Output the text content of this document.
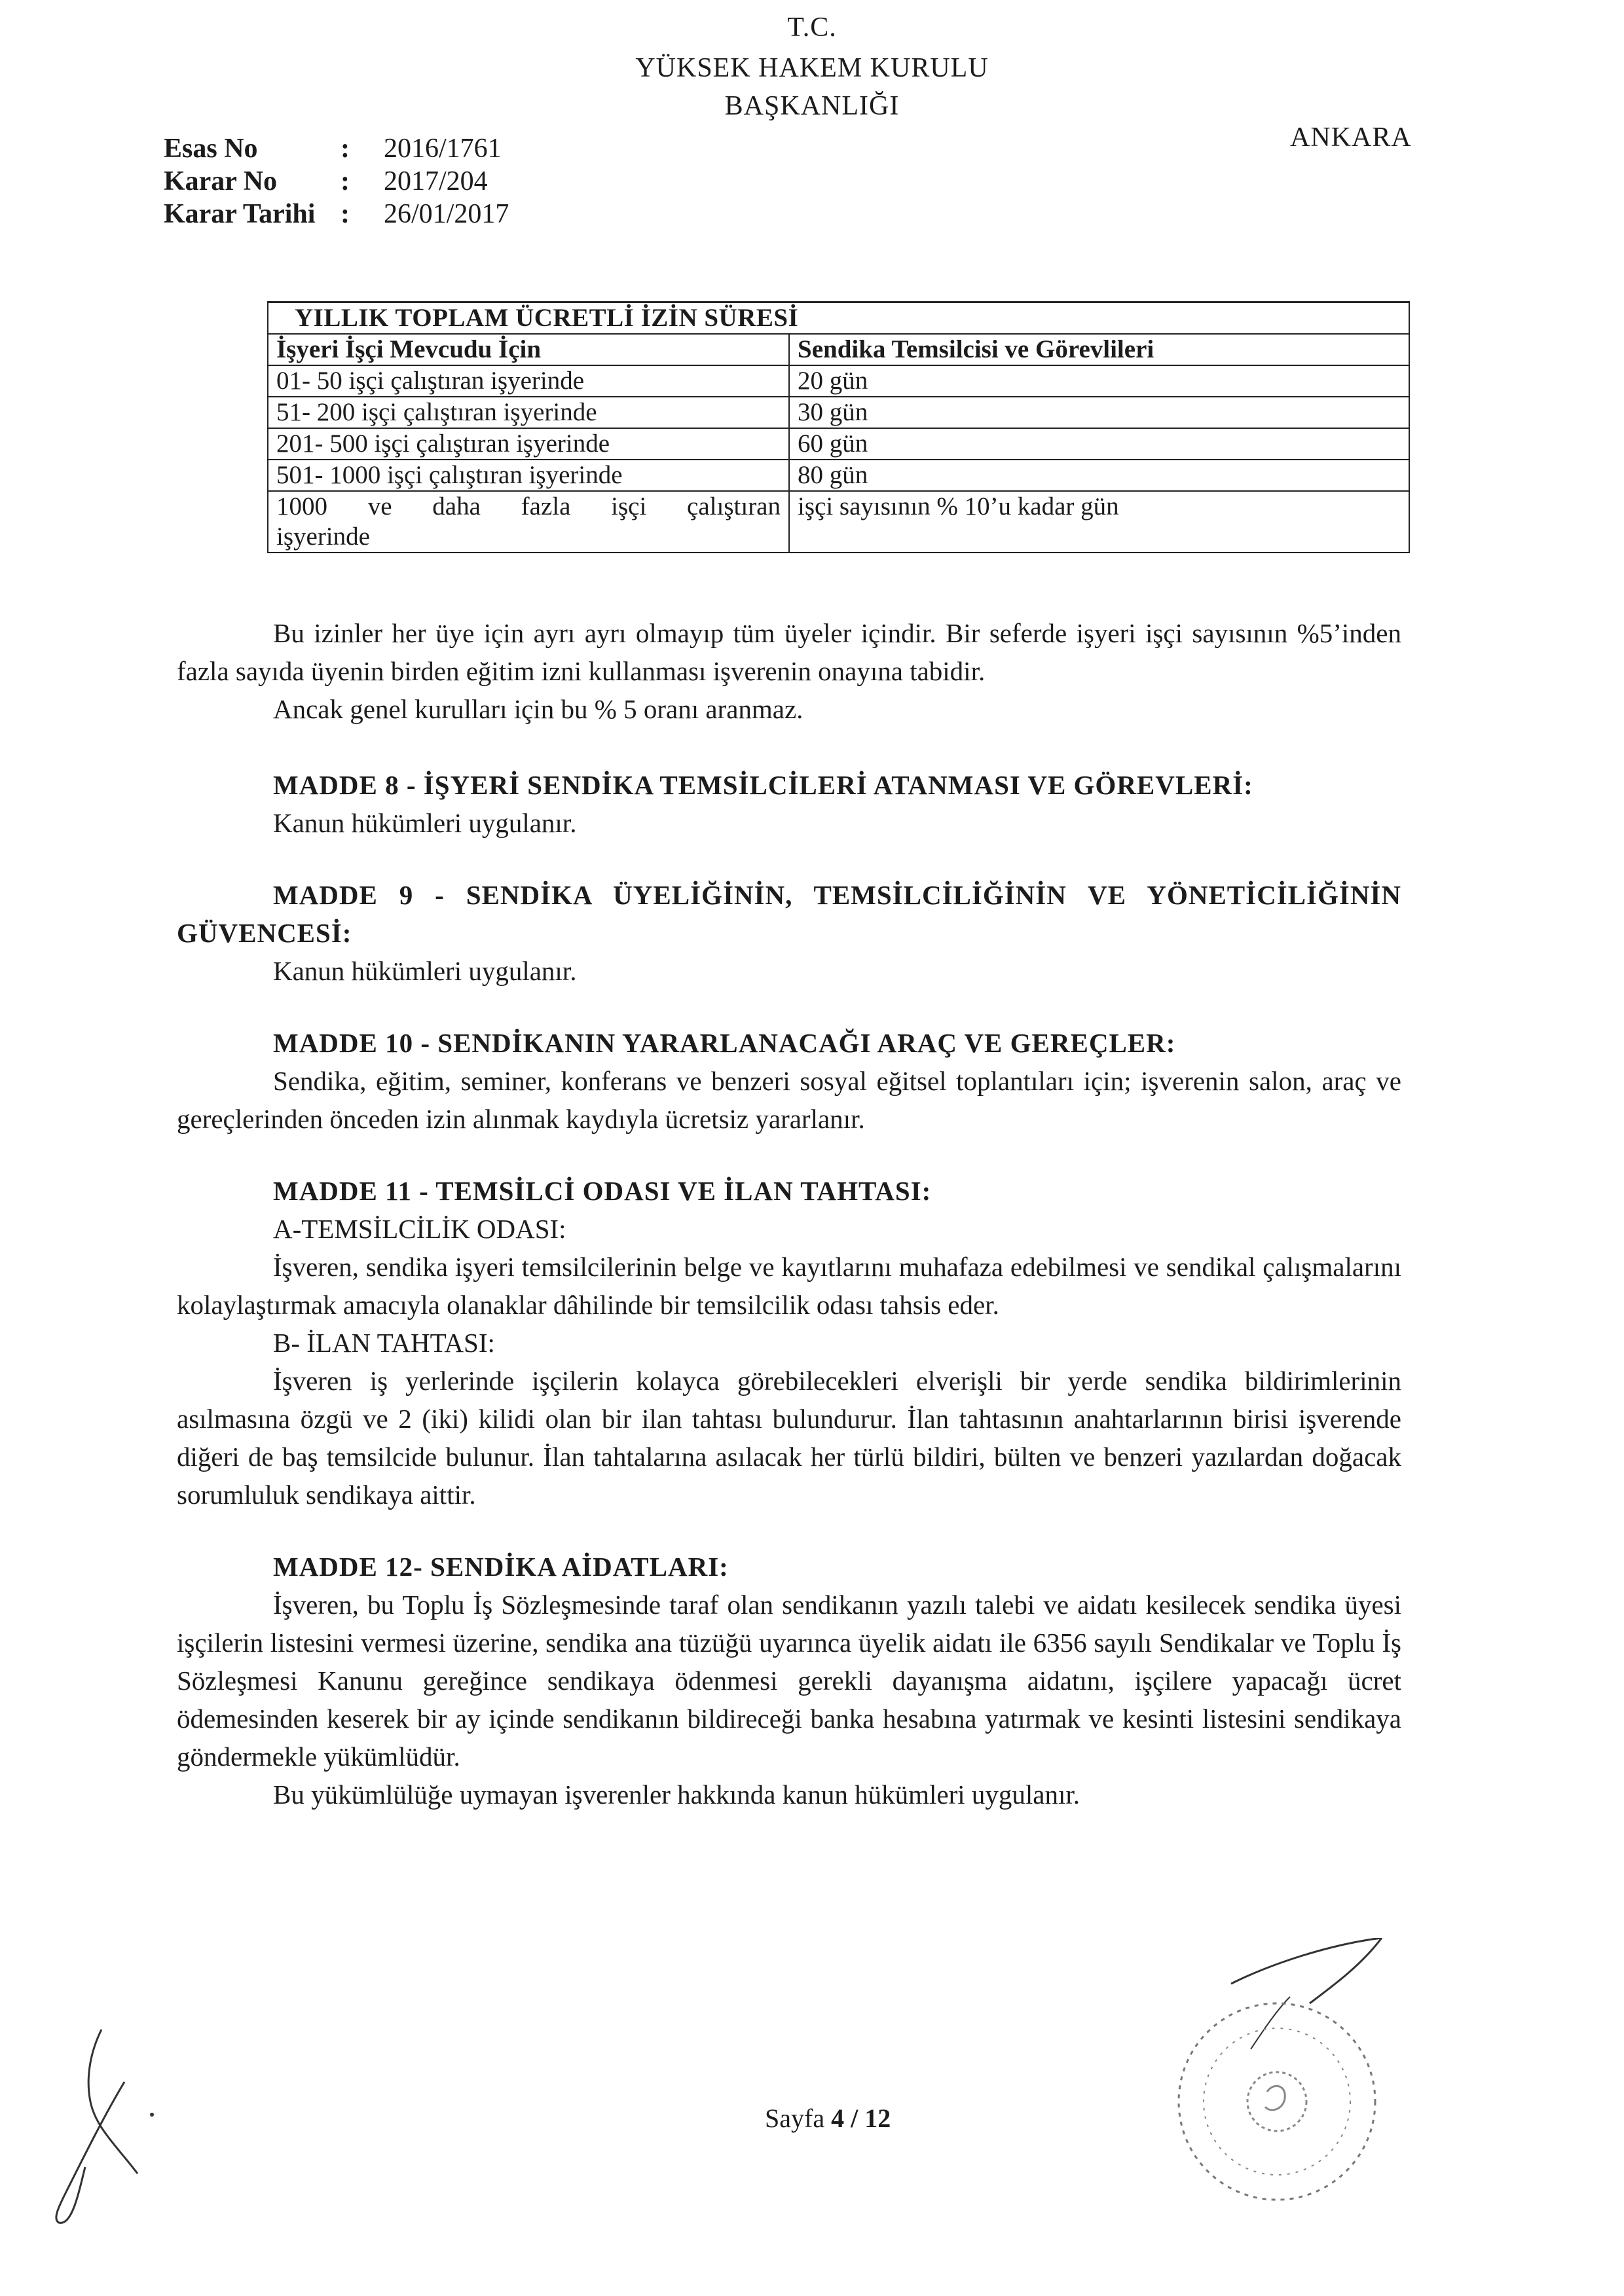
T.C.
YÜKSEK HAKEM KURULU
BAŞKANLIĞI
ANKARA
Esas No	:	2016/1761
Karar No	:	2017/204
Karar Tarihi :	26/01/2017
YILLIK TOPLAM ÜCRETLİ İZİN SÜRESİ	
İşyeri İşçi Mevcudu İçin	Sendika Temsilcisi ve Görevlileri
01- 50 işçi çalıştıran işyerinde	20 gün
51- 200 işçi çalıştıran işyerinde	30 gün
201- 500 işçi çalıştıran işyerinde	60 gün
501- 1000 işçi çalıştıran işyerinde	80 gün

1000 ve daha fazla işçi çalıştıran
işyerinde	işçi sayısının % 10’u kadar gün

Bu izinler her üye için ayrı ayrı olmayıp tüm üyeler içindir. Bir seferde işyeri işçi sayısının %5’inden fazla sayıda üyenin birden eğitim izni kullanması işverenin onayına tabidir.

Ancak genel kurulları için bu % 5 oranı aranmaz.

MADDE 8 - İŞYERİ SENDİKA TEMSİLCİLERİ ATANMASI VE GÖREVLERİ:

Kanun hükümleri uygulanır.

MADDE 9 - SENDİKA ÜYELİĞİNİN, TEMSİLCİLİĞİNİN VE YÖNETİCİLİĞİNİN GÜVENCESİ:

Kanun hükümleri uygulanır.

MADDE 10 - SENDİKANIN YARARLANACAĞI ARAÇ VE GEREÇLER:

Sendika, eğitim, seminer, konferans ve benzeri sosyal eğitsel toplantıları için; işverenin salon, araç ve gereçlerinden önceden izin alınmak kaydıyla ücretsiz yararlanır.

MADDE 11 - TEMSİLCİ ODASI VE İLAN TAHTASI:

A-TEMSİLCİLİK ODASI:

İşveren, sendika işyeri temsilcilerinin belge ve kayıtlarını muhafaza edebilmesi ve sendikal çalışmalarını kolaylaştırmak amacıyla olanaklar dâhilinde bir temsilcilik odası tahsis eder.

B- İLAN TAHTASI:

İşveren iş yerlerinde işçilerin kolayca görebilecekleri elverişli bir yerde sendika bildirimlerinin asılmasına özgü ve 2 (iki) kilidi olan bir ilan tahtası bulundurur. İlan tahtasının anahtarlarının birisi işverende diğeri de baş temsilcide bulunur. İlan tahtalarına asılacak her türlü bildiri, bülten ve benzeri yazılardan doğacak sorumluluk sendikaya aittir.

MADDE 12- SENDİKA AİDATLARI:

İşveren, bu Toplu İş Sözleşmesinde taraf olan sendikanın yazılı talebi ve aidatı kesilecek sendika üyesi işçilerin listesini vermesi üzerine, sendika ana tüzüğü uyarınca üyelik aidatı ile 6356 sayılı Sendikalar ve Toplu İş Sözleşmesi Kanunu gereğince sendikaya ödenmesi gerekli dayanışma aidatını, işçilere yapacağı ücret ödemesinden keserek bir ay içinde sendikanın bildireceği banka hesabına yatırmak ve kesinti listesini sendikaya göndermekle yükümlüdür.

Bu yükümlülüğe uymayan işverenler hakkında kanun hükümleri uygulanır.

Sayfa 4 / 12
